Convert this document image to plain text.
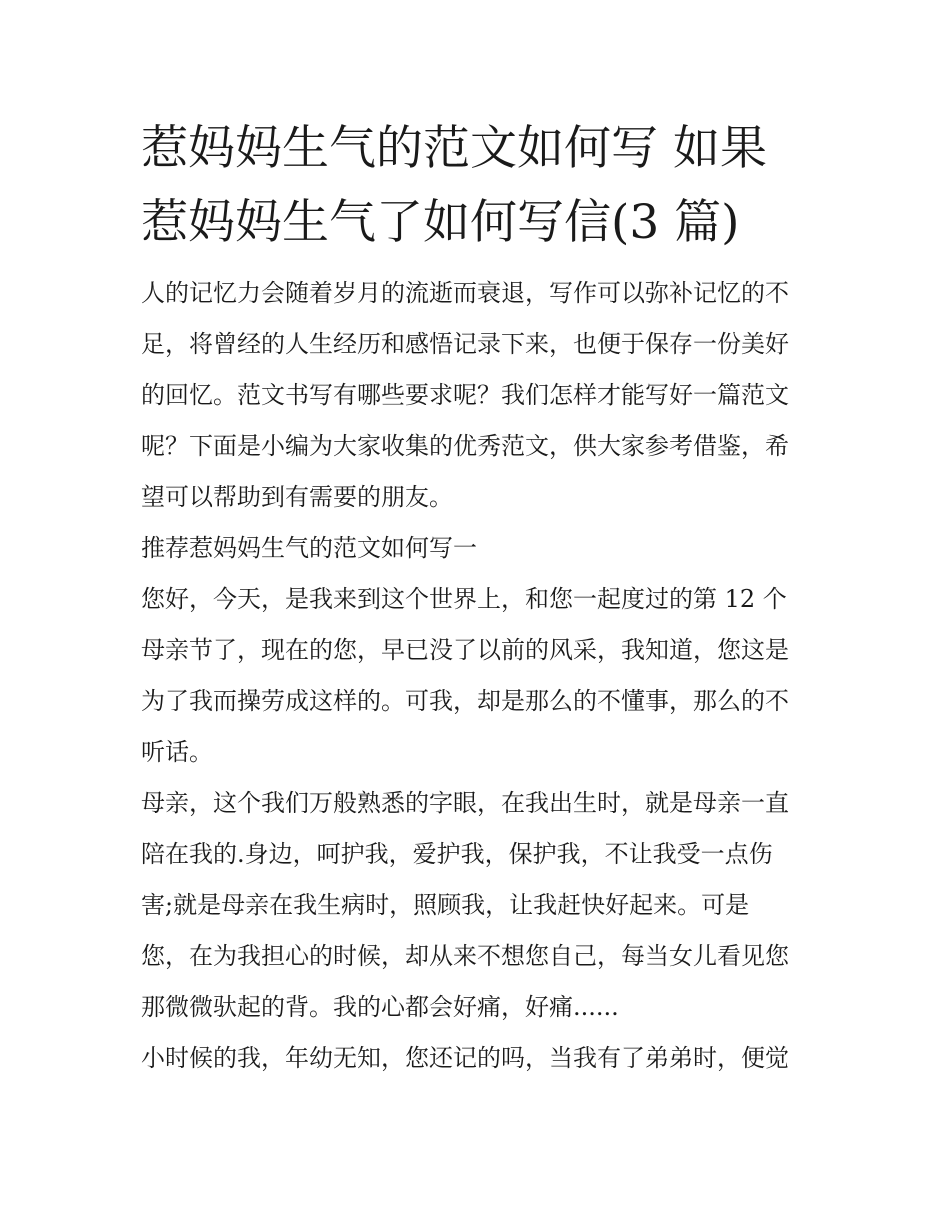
惹妈妈生气的范文如何写 如果
惹妈妈生气了如何写信(3 篇)

人的记忆力会随着岁月的流逝而衰退，写作可以弥补记忆的不
足，将曾经的人生经历和感悟记录下来，也便于保存一份美好
的回忆。范文书写有哪些要求呢？我们怎样才能写好一篇范文
呢？下面是小编为大家收集的优秀范文，供大家参考借鉴，希
望可以帮助到有需要的朋友。

推荐惹妈妈生气的范文如何写一

您好，今天，是我来到这个世界上，和您一起度过的第 12 个
母亲节了，现在的您，早已没了以前的风采，我知道，您这是
为了我而操劳成这样的。可我，却是那么的不懂事，那么的不
听话。

母亲，这个我们万般熟悉的字眼，在我出生时，就是母亲一直
陪在我的.身边，呵护我，爱护我，保护我，不让我受一点伤
害;就是母亲在我生病时，照顾我，让我赶快好起来。可是
您，在为我担心的时候，却从来不想您自己，每当女儿看见您
那微微驮起的背。我的心都会好痛，好痛......

小时候的我，年幼无知，您还记的吗，当我有了弟弟时，便觉
